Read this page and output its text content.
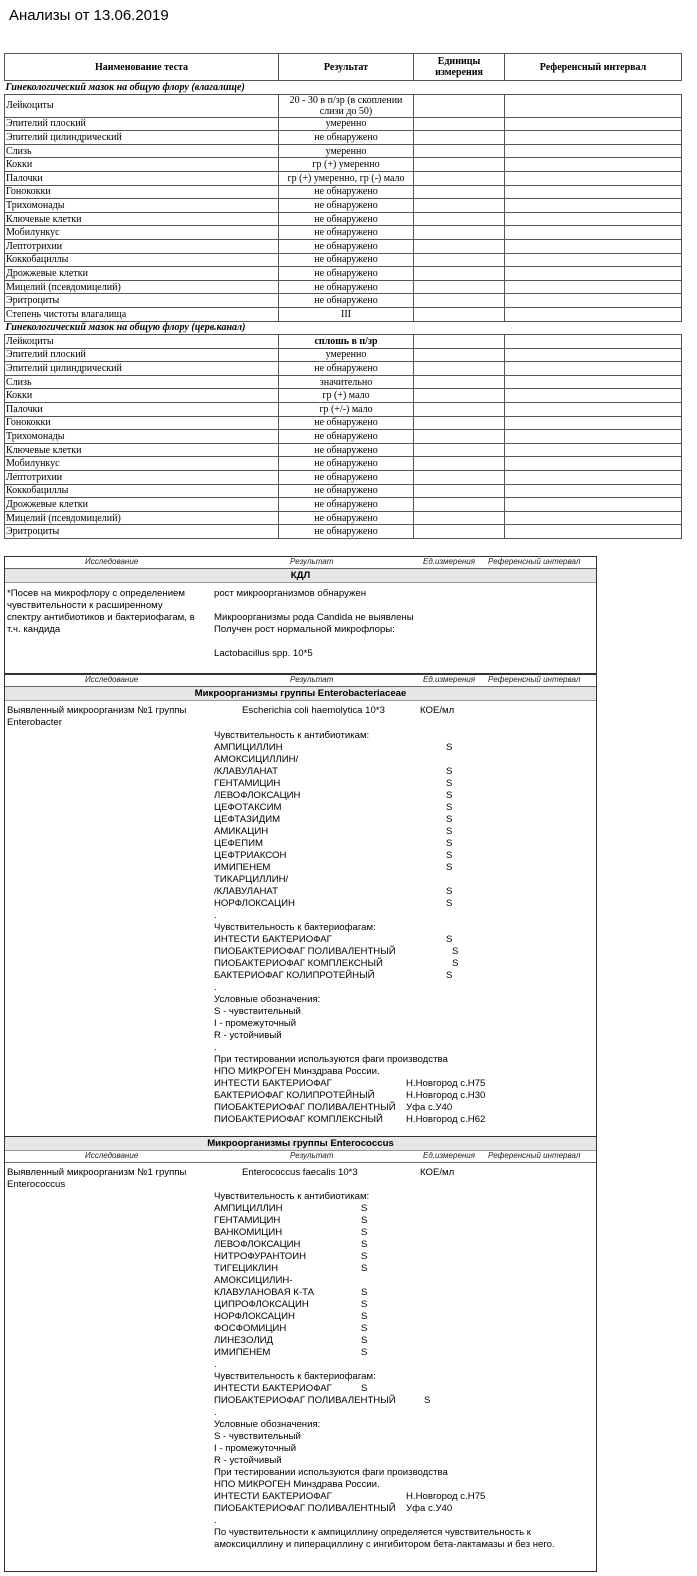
Анализы от 13.06.2019
Наименование теста	Результат	Единицы измерения	Референсный интервал
Гинекологический мазок на общую флору (влагалище)			
Лейкоциты	20 - 30 в п/зр (в скоплении слизи до 50)		
Эпителий плоский	умеренно		
Эпителий цилиндрический	не обнаружено		
Слизь	умеренно		
Кокки	гр (+) умеренно		
Палочки	гр (+) умеренно, гр (-) мало		
Гонококки	не обнаружено		
Трихомонады	не обнаружено		
Ключевые клетки	не обнаружено		
Мобилункус	не обнаружено		
Лептотрихии	не обнаружено		
Коккобациллы	не обнаружено		
Дрожжевые клетки	не обнаружено		
Мицелий (псевдомицелий)	не обнаружено		
Эритроциты	не обнаружено		
Степень чистоты влагалища	III		
Гинекологический мазок на общую флору (церв.канал)			
Лейкоциты	сплошь в п/зр		
Эпителий плоский	умеренно		
Эпителий цилиндрический	не обнаружено		
Слизь	значительно		
Кокки	гр (+) мало		
Палочки	гр (+/-) мало		
Гонококки	не обнаружено		
Трихомонады	не обнаружено		
Ключевые клетки	не обнаружено		
Мобилункус	не обнаружено		
Лептотрихии	не обнаружено		
Коккобациллы	не обнаружено		
Дрожжевые клетки	не обнаружено		
Мицелий (псевдомицелий)	не обнаружено		
Эритроциты	не обнаружено		
Исследование	Результат	Ед.измерения Референсный интервал
КДЛ
*Посев на микрофлору с определением
чувствительности к расширенному
спектру антибиотиков и бактериофагам, в
т.ч. кандида
рост микроорганизмов обнаружен

Микроорганизмы рода Candida не выявлены
Получен рост нормальной микрофлоры:

Lactobacillus spp. 10*5
Исследование	Результат	Ед.измерения Референсный интервал
Микроорганизмы группы Enterobacteriaceae
Выявленный микроорганизм №1 группы
Enterobacter
Escherichia coli haemolytica 10*3	КОЕ/мл
Чувствительность к антибиотикам:
АМПИЦИЛЛИН	S
АМОКСИЦИЛЛИН/
/КЛАВУЛАНАТ	S
ГЕНТАМИЦИН	S
ЛЕВОФЛОКСАЦИН	S
ЦЕФОТАКСИМ	S
ЦЕФТАЗИДИМ	S
АМИКАЦИН	S
ЦЕФЕПИМ	S
ЦЕФТРИАКСОН	S
ИМИПЕНЕМ	S
ТИКАРЦИЛЛИН/
/КЛАВУЛАНАТ	S
НОРФЛОКСАЦИН	S
.
Чувствительность к бактериофагам:
ИНТЕСТИ БАКТЕРИОФАГ	S
ПИОБАКТЕРИОФАГ ПОЛИВАЛЕНТНЫЙ	S
ПИОБАКТЕРИОФАГ КОМПЛЕКСНЫЙ	S
БАКТЕРИОФАГ КОЛИПРОТЕЙНЫЙ	S
.
Условные обозначения:
S - чувствительный
I - промежуточный
R - устойчивый
.
При тестировании используются фаги производства
НПО МИКРОГЕН Минздрава России.
ИНТЕСТИ БАКТЕРИОФАГ	Н.Новгород с.Н75
БАКТЕРИОФАГ КОЛИПРОТЕЙНЫЙ	Н.Новгород с.Н30
ПИОБАКТЕРИОФАГ ПОЛИВАЛЕНТНЫЙ Уфа с.У40
ПИОБАКТЕРИОФАГ КОМПЛЕКСНЫЙ Н.Новгород с.Н62
Микроорганизмы группы Enterococcus
Исследование	Результат	Ед.измерения Референсный интервал
Выявленный микроорганизм №1 группы
Enterococcus
Enterococcus faecalis 10*3	КОЕ/мл
Чувствительность к антибиотикам:
АМПИЦИЛЛИН	S
ГЕНТАМИЦИН	S
ВАНКОМИЦИН	S
ЛЕВОФЛОКСАЦИН	S
НИТРОФУРАНТОИН	S
ТИГЕЦИКЛИН	S
АМОКСИЦИЛИН-
КЛАВУЛАНОВАЯ К-ТА	S
ЦИПРОФЛОКСАЦИН	S
НОРФЛОКСАЦИН	S
ФОСФОМИЦИН	S
ЛИНЕЗОЛИД	S
ИМИПЕНЕМ	S
.
Чувствительность к бактериофагам:
ИНТЕСТИ БАКТЕРИОФАГ	S
ПИОБАКТЕРИОФАГ ПОЛИВАЛЕНТНЫЙ	S
.
Условные обозначения:
S - чувствительный
I - промежуточный
R - устойчивый
При тестировании используются фаги производства
НПО МИКРОГЕН Минздрава России.
ИНТЕСТИ БАКТЕРИОФАГ	Н.Новгород с.Н75
ПИОБАКТЕРИОФАГ ПОЛИВАЛЕНТНЫЙ Уфа с.У40
.
По чувствительности к ампициллину определяется чувствительность к
амоксициллину и пиперациллину с ингибитором бета-лактамазы и без него.
